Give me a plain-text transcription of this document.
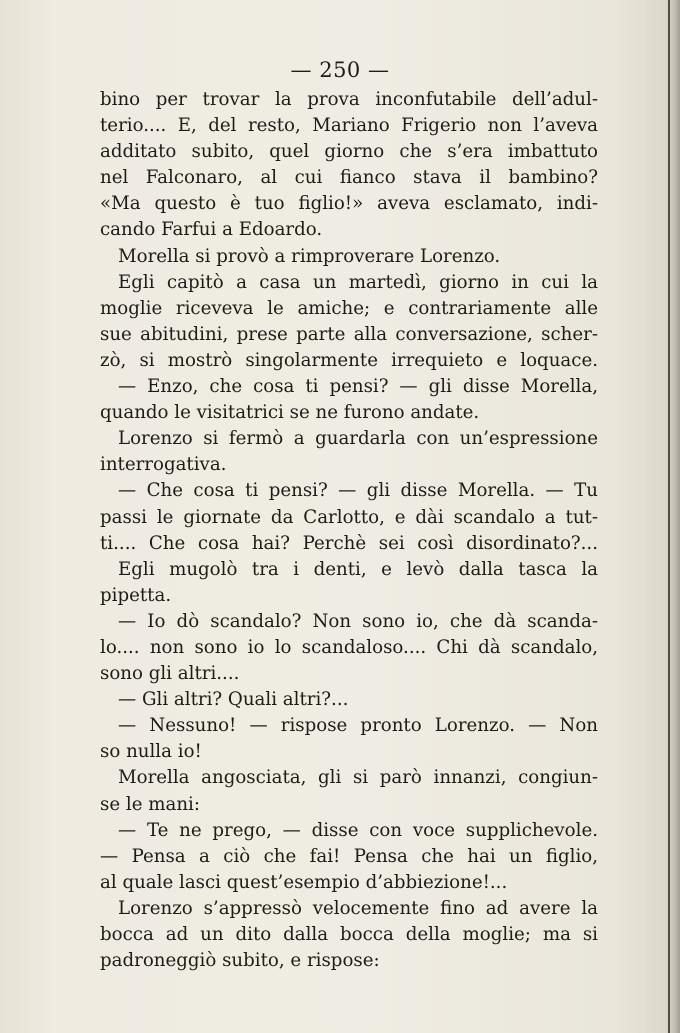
— 250 —
bino per trovar la prova inconfutabile dell’adul-
terio.... E, del resto, Mariano Frigerio non l’aveva
additato subito, quel giorno che s’era imbattuto
nel Falconaro, al cui fianco stava il bambino?
«Ma questo è tuo figlio!» aveva esclamato, indi-
cando Farfui a Edoardo.
Morella si provò a rimproverare Lorenzo.
Egli capitò a casa un martedì, giorno in cui la
moglie riceveva le amiche; e contrariamente alle
sue abitudini, prese parte alla conversazione, scher-
zò, si mostrò singolarmente irrequieto e loquace.
— Enzo, che cosa ti pensi? — gli disse Morella,
quando le visitatrici se ne furono andate.
Lorenzo si fermò a guardarla con un’espressione
interrogativa.
— Che cosa ti pensi? — gli disse Morella. — Tu
passi le giornate da Carlotto, e dài scandalo a tut-
ti.... Che cosa hai? Perchè sei così disordinato?...
Egli mugolò tra i denti, e levò dalla tasca la
pipetta.
— Io dò scandalo? Non sono io, che dà scanda-
lo.... non sono io lo scandaloso.... Chi dà scandalo,
sono gli altri....
— Gli altri? Quali altri?...
— Nessuno! — rispose pronto Lorenzo. — Non
so nulla io!
Morella angosciata, gli si parò innanzi, congiun-
se le mani:
— Te ne prego, — disse con voce supplichevole.
— Pensa a ciò che fai! Pensa che hai un figlio,
al quale lasci quest’esempio d’abbiezione!...
Lorenzo s’appressò velocemente fino ad avere la
bocca ad un dito dalla bocca della moglie; ma si
padroneggiò subito, e rispose:
